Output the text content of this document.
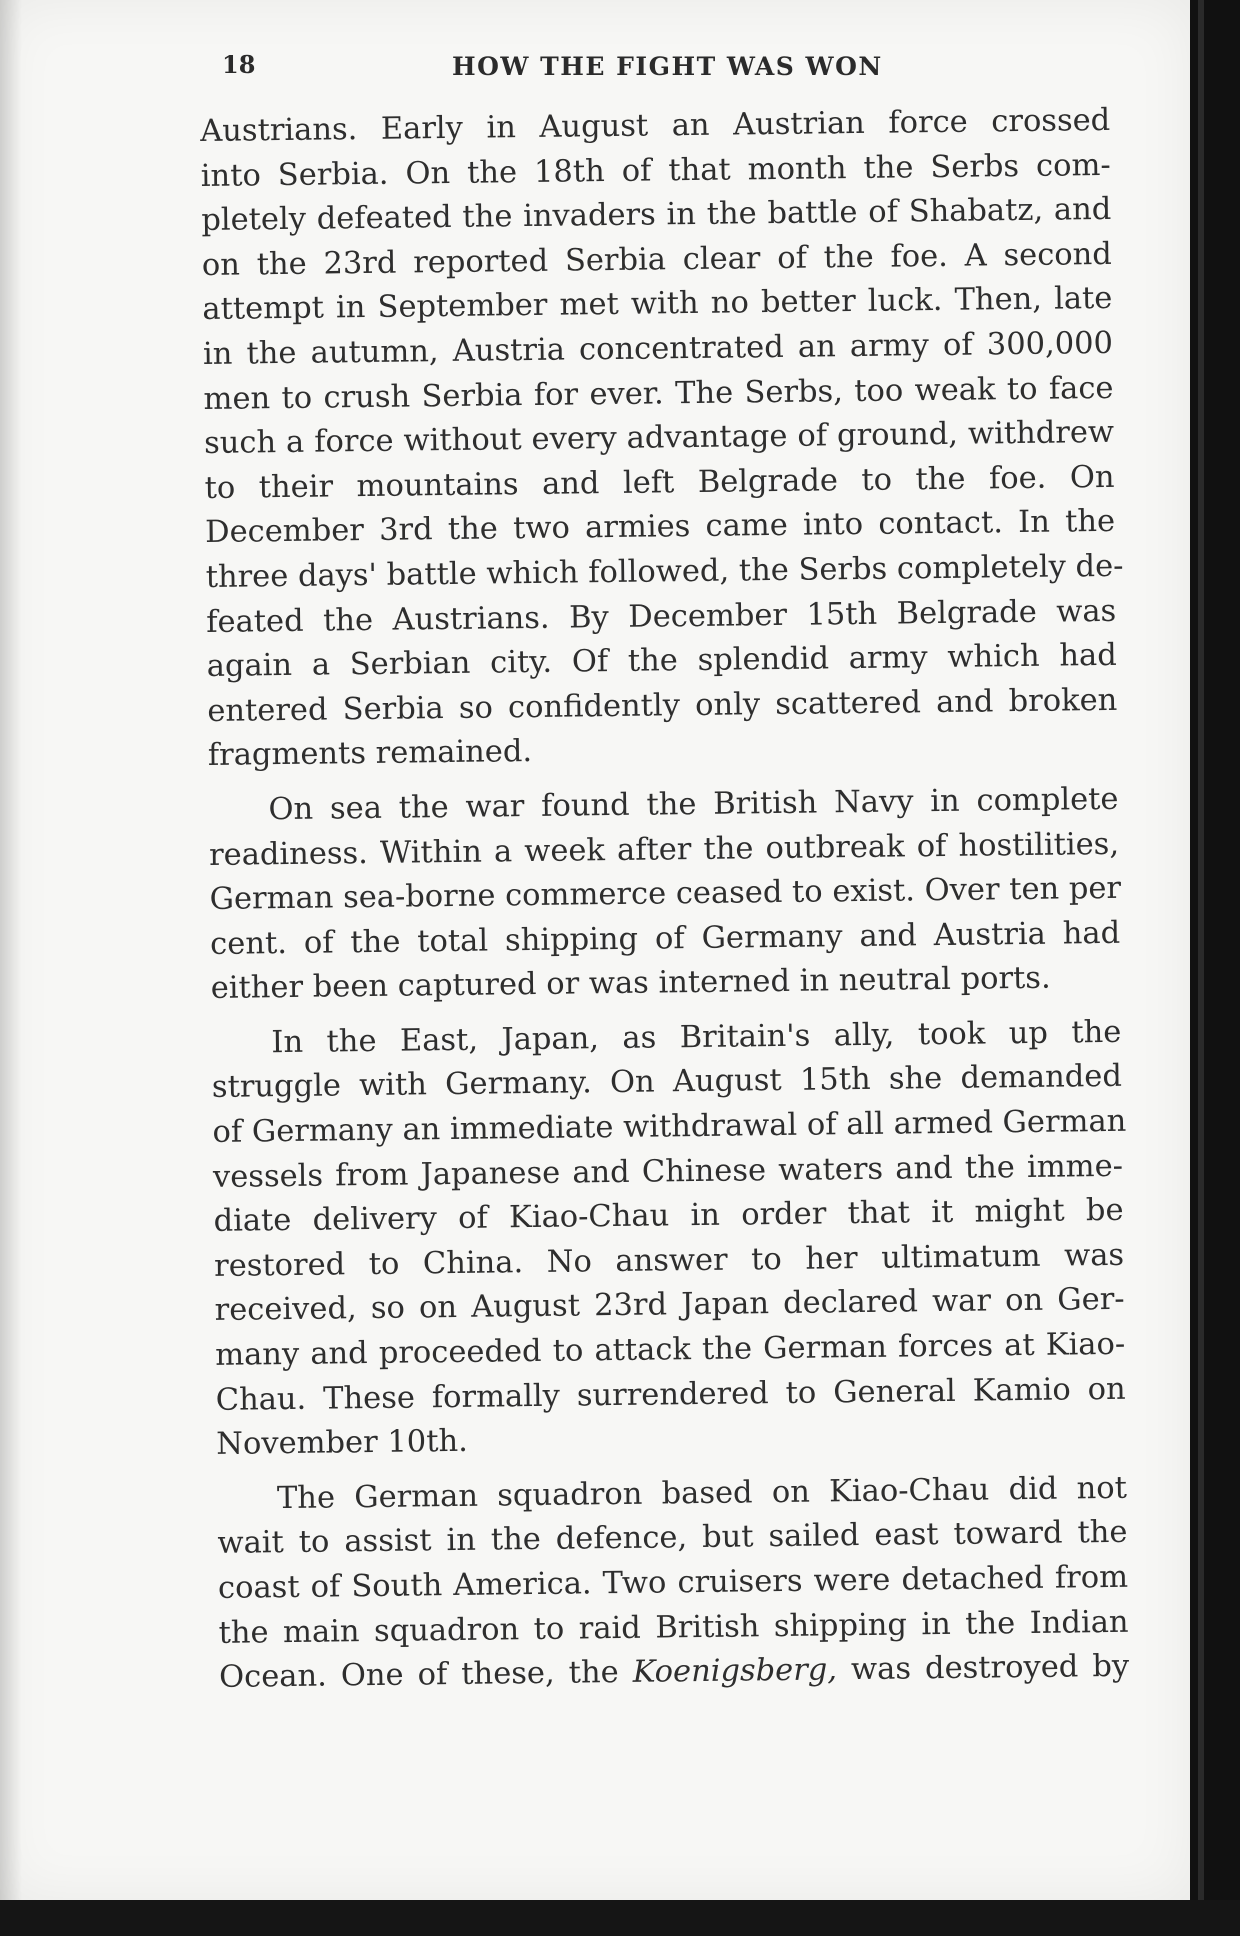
18	HOW THE FIGHT WAS WON
Austrians. Early in August an Austrian force crossed
into Serbia. On the 18th of that month the Serbs com-
pletely defeated the invaders in the battle of Shabatz, and
on the 23rd reported Serbia clear of the foe. A second
attempt in September met with no better luck. Then, late
in the autumn, Austria concentrated an army of 300,000
men to crush Serbia for ever. The Serbs, too weak to face
such a force without every advantage of ground, withdrew
to their mountains and left Belgrade to the foe. On
December 3rd the two armies came into contact. In the
three days' battle which followed, the Serbs completely de-
feated the Austrians. By December 15th Belgrade was
again a Serbian city. Of the splendid army which had
entered Serbia so confidently only scattered and broken
fragments remained.
On sea the war found the British Navy in complete
readiness. Within a week after the outbreak of hostilities,
German sea-borne commerce ceased to exist. Over ten per
cent. of the total shipping of Germany and Austria had
either been captured or was interned in neutral ports.
In the East, Japan, as Britain's ally, took up the
struggle with Germany. On August 15th she demanded
of Germany an immediate withdrawal of all armed German
vessels from Japanese and Chinese waters and the imme-
diate delivery of Kiao-Chau in order that it might be
restored to China. No answer to her ultimatum was
received, so on August 23rd Japan declared war on Ger-
many and proceeded to attack the German forces at Kiao-
Chau. These formally surrendered to General Kamio on
November 10th.
The German squadron based on Kiao-Chau did not
wait to assist in the defence, but sailed east toward the
coast of South America. Two cruisers were detached from
the main squadron to raid British shipping in the Indian
Ocean. One of these, the Koenigsberg, was destroyed by
